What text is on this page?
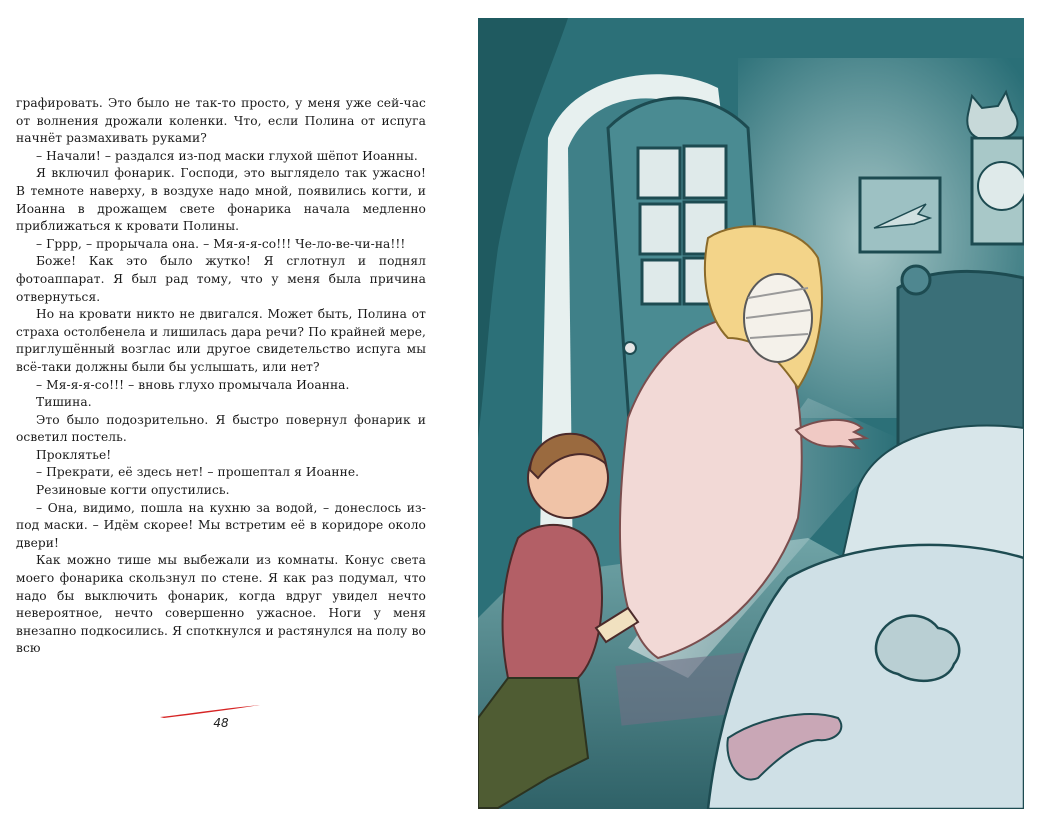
графировать. Это было не так-то просто, у меня уже сей-час от волнения дрожали коленки. Что, если Полина от испуга начнёт размахивать руками?

– Начали! – раздался из-под маски глухой шёпот Иоанны.

Я включил фонарик. Господи, это выглядело так ужасно! В темноте наверху, в воздухе надо мной, появились когти, и Иоанна в дрожащем свете фонарика начала медленно приближаться к кровати Полины.

– Гррр, – прорычала она. – Мя-я-я-со!!! Че-ло-ве-чи-на!!!

Боже! Как это было жутко! Я сглотнул и поднял фотоаппарат. Я был рад тому, что у меня была причина отвернуться.

Но на кровати никто не двигался. Может быть, Полина от страха остолбенела и лишилась дара речи? По крайней мере, приглушённый возглас или другое свидетельство испуга мы всё-таки должны были бы услышать, или нет?

– Мя-я-я-со!!! – вновь глухо промычала Иоанна.

Тишина.

Это было подозрительно. Я быстро повернул фонарик и осветил постель.

Проклятье!

– Прекрати, её здесь нет! – прошептал я Иоанне.

Резиновые когти опустились.

– Она, видимо, пошла на кухню за водой, – донеслось из-под маски. – Идём скорее! Мы встретим её в коридоре около двери!

Как можно тише мы выбежали из комнаты. Конус света моего фонарика скользнул по стене. Я как раз подумал, что надо бы выключить фонарик, когда вдруг увидел нечто невероятное, нечто совершенно ужасное. Ноги у меня внезапно подкосились. Я споткнулся и растянулся на полу во всю

48
